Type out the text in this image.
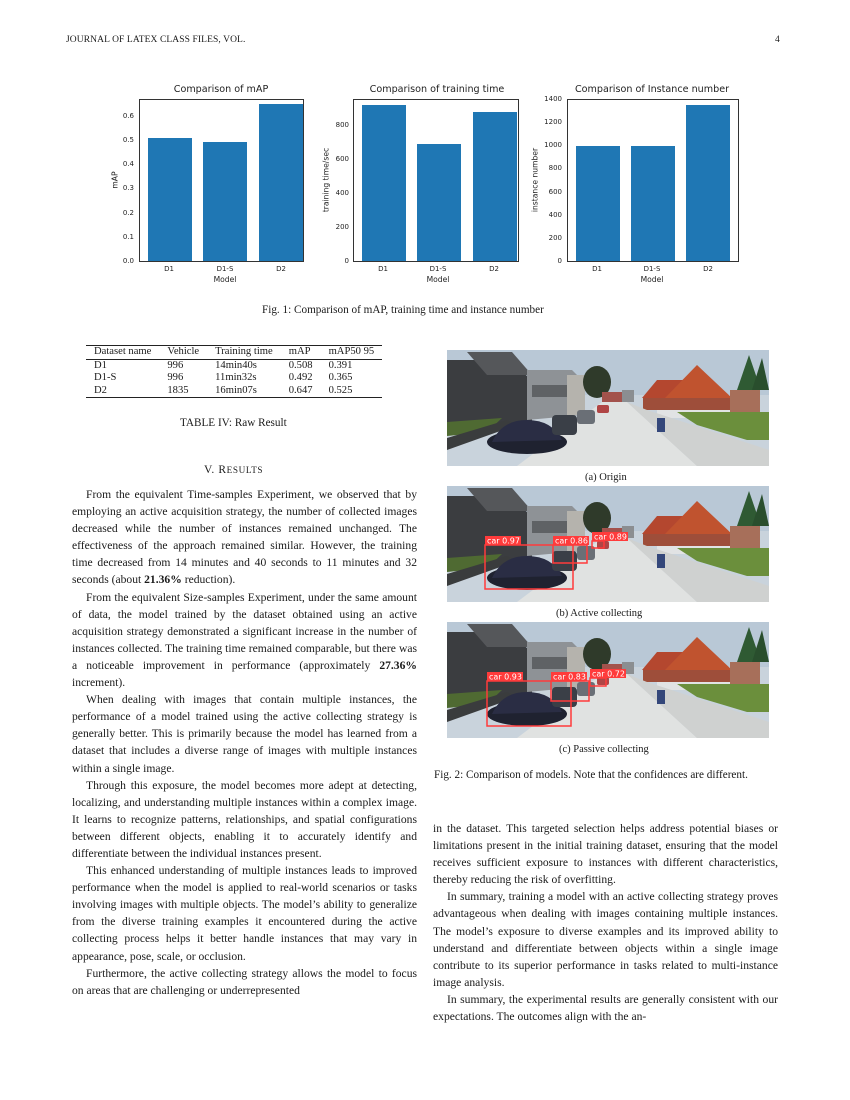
JOURNAL OF LATEX CLASS FILES, VOL.	4
Comparison of mAP
0.0
0.1
0.2
0.3
0.4
0.5
0.6
mAP
D1	D1-S	D2
Model
Comparison of training time
0
200
400
600
800
training time/sec
D1	D1-S	D2
Model
Comparison of Instance number
0
200
400
600
800
1000
1200
1400
instance number
D1	D1-S	D2
Model
Fig. 1: Comparison of mAP, training time and instance number
Dataset name	Vehicle	Training time	mAP	mAP50 95
D1	996	14min40s	0.508	0.391
D1-S	996	11min32s	0.492	0.365
D2	1835	16min07s	0.647	0.525
TABLE IV: Raw Result
V. RESULTS

From the equivalent Time-samples Experiment, we observed that by employing an active acquisition strategy, the number of collected images decreased while the number of instances remained unchanged. The effectiveness of the approach remained similar. However, the training time decreased from 14 minutes and 40 seconds to 11 minutes and 32 seconds (about 21.36% reduction).

From the equivalent Size-samples Experiment, under the same amount of data, the model trained by the dataset obtained using an active acquisition strategy demonstrated a significant increase in the number of instances collected. The training time remained comparable, but there was a noticeable improvement in performance (approximately 27.36% increment).

When dealing with images that contain multiple instances, the performance of a model trained using the active collecting strategy is generally better. This is primarily because the model has learned from a dataset that includes a diverse range of images with multiple instances within a single image.

Through this exposure, the model becomes more adept at detecting, localizing, and understanding multiple instances within a complex image. It learns to recognize patterns, relationships, and spatial configurations between different objects, enabling it to accurately identify and differentiate between the individual instances present.

This enhanced understanding of multiple instances leads to improved performance when the model is applied to real-world scenarios or tasks involving images with multiple objects. The model’s ability to generalize from the diverse training examples it encountered during the active collecting process helps it better handle instances that may vary in appearance, pose, scale, or occlusion.

Furthermore, the active collecting strategy allows the model to focus on areas that are challenging or underrepresented

(a) Origin
car 0.97	car 0.86 car 0.89
(b) Active collecting
car 0.93	car 0.83 car 0.72
(c) Passive collecting
Fig. 2: Comparison of models. Note that the confidences are different.

in the dataset. This targeted selection helps address potential biases or limitations present in the initial training dataset, ensuring that the model receives sufficient exposure to instances with different characteristics, thereby reducing the risk of overfitting.

In summary, training a model with an active collecting strategy proves advantageous when dealing with images containing multiple instances. The model’s exposure to diverse examples and its improved ability to understand and differentiate between objects within a single image contribute to its superior performance in tasks related to multi-instance image analysis.

In summary, the experimental results are generally consistent with our expectations. The outcomes align with the an-
